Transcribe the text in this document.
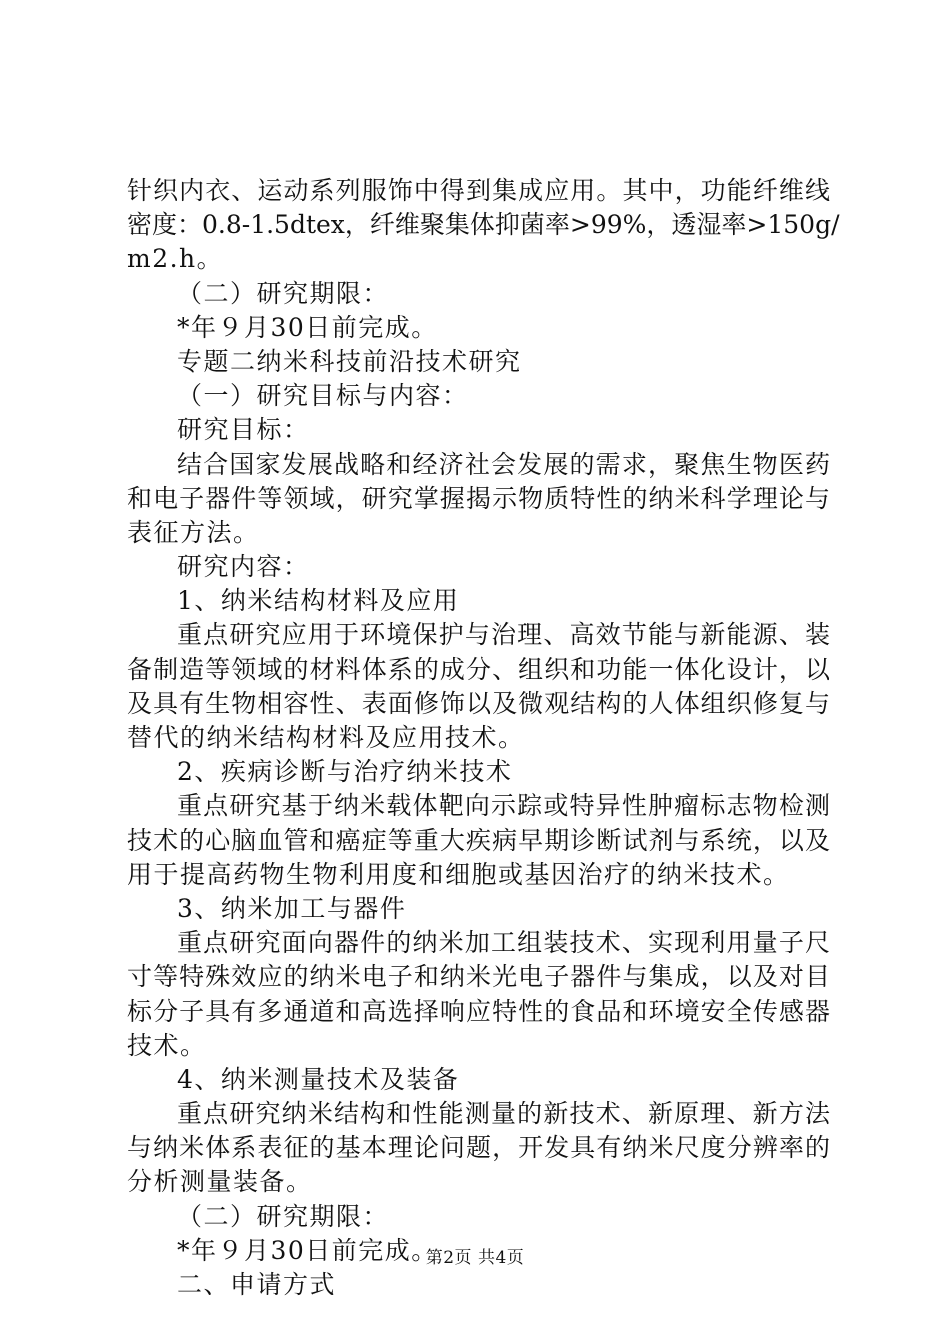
针织内衣、运动系列服饰中得到集成应用。其中，功能纤维线
密度：0.8-1.5dtex，纤维聚集体抑菌率>99%，透湿率>150g/
m2.h。
（二）研究期限：
*年９月30日前完成。
专题二纳米科技前沿技术研究
（一）研究目标与内容：
研究目标：
结合国家发展战略和经济社会发展的需求，聚焦生物医药
和电子器件等领域，研究掌握揭示物质特性的纳米科学理论与
表征方法。
研究内容：
1、纳米结构材料及应用
重点研究应用于环境保护与治理、高效节能与新能源、装
备制造等领域的材料体系的成分、组织和功能一体化设计，以
及具有生物相容性、表面修饰以及微观结构的人体组织修复与
替代的纳米结构材料及应用技术。
2、疾病诊断与治疗纳米技术
重点研究基于纳米载体靶向示踪或特异性肿瘤标志物检测
技术的心脑血管和癌症等重大疾病早期诊断试剂与系统，以及
用于提高药物生物利用度和细胞或基因治疗的纳米技术。
3、纳米加工与器件
重点研究面向器件的纳米加工组装技术、实现利用量子尺
寸等特殊效应的纳米电子和纳米光电子器件与集成，以及对目
标分子具有多通道和高选择响应特性的食品和环境安全传感器
技术。
4、纳米测量技术及装备
重点研究纳米结构和性能测量的新技术、新原理、新方法
与纳米体系表征的基本理论问题，开发具有纳米尺度分辨率的
分析测量装备。
（二）研究期限：
*年９月30日前完成。
二、申请方式
第2页 共4页
